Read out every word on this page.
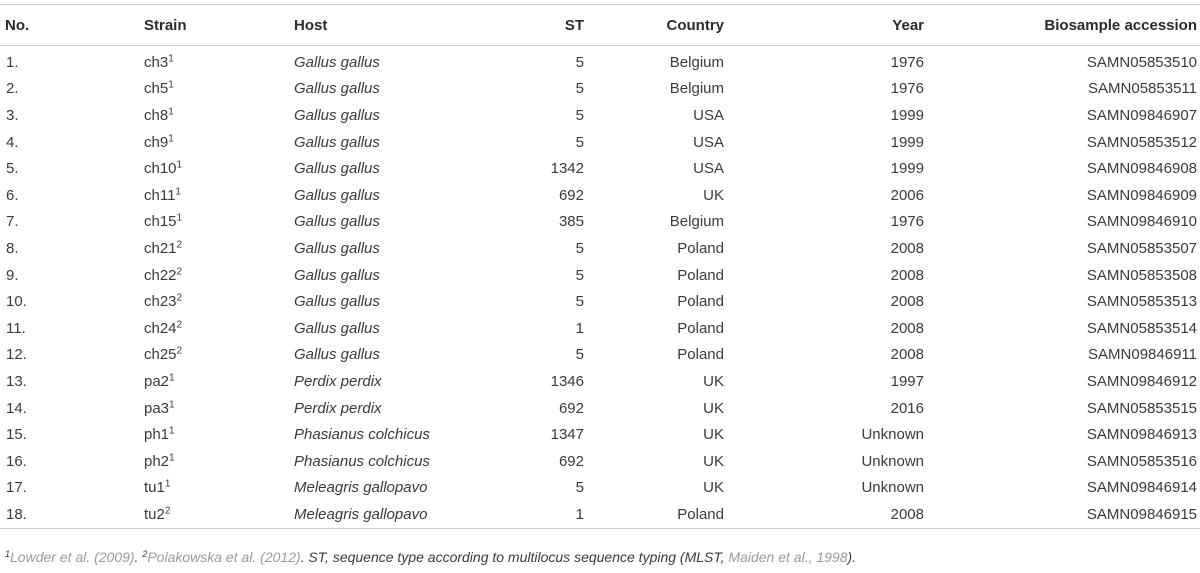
No.	Strain	Host	ST	Country	Year	Biosample accession
1.	$ch3^1$	Gallus gallus	5	Belgium	1976	SAMN05853510
2.	$ch5^1$	Gallus gallus	5	Belgium	1976	SAMN05853511
3.	$ch8^1$	Gallus gallus	5	USA	1999	SAMN09846907
4.	$ch9^1$	Gallus gallus	5	USA	1999	SAMN05853512
5.	$ch10^1$	Gallus gallus	1342	USA	1999	SAMN09846908
6.	$ch11^1$	Gallus gallus	692	UK	2006	SAMN09846909
7.	$ch15^1$	Gallus gallus	385	Belgium	1976	SAMN09846910
8.	$ch21^2$	Gallus gallus	5	Poland	2008	SAMN05853507
9.	$ch22^2$	Gallus gallus	5	Poland	2008	SAMN05853508
10.	$ch23^2$	Gallus gallus	5	Poland	2008	SAMN05853513
11.	$ch24^2$	Gallus gallus	1	Poland	2008	SAMN05853514
12.	$ch25^2$	Gallus gallus	5	Poland	2008	SAMN09846911
13.	$pa2^1$	Perdix perdix	1346	UK	1997	SAMN09846912
14.	$pa3^1$	Perdix perdix	692	UK	2016	SAMN05853515
15.	$ph1^1$	Phasianus colchicus	1347	UK	Unknown	SAMN09846913
16.	$ph2^1$	Phasianus colchicus	692	UK	Unknown	SAMN05853516
17.	$tu1^1$	Meleagris gallopavo	5	UK	Unknown	SAMN09846914
18.	$tu2^2$	Meleagris gallopavo	1	Poland	2008	SAMN09846915
$^1$Lowder et al. (2009). $^2$Polakowska et al. (2012). ST, sequence type according to multilocus sequence typing (MLST, Maiden et al., 1998).
